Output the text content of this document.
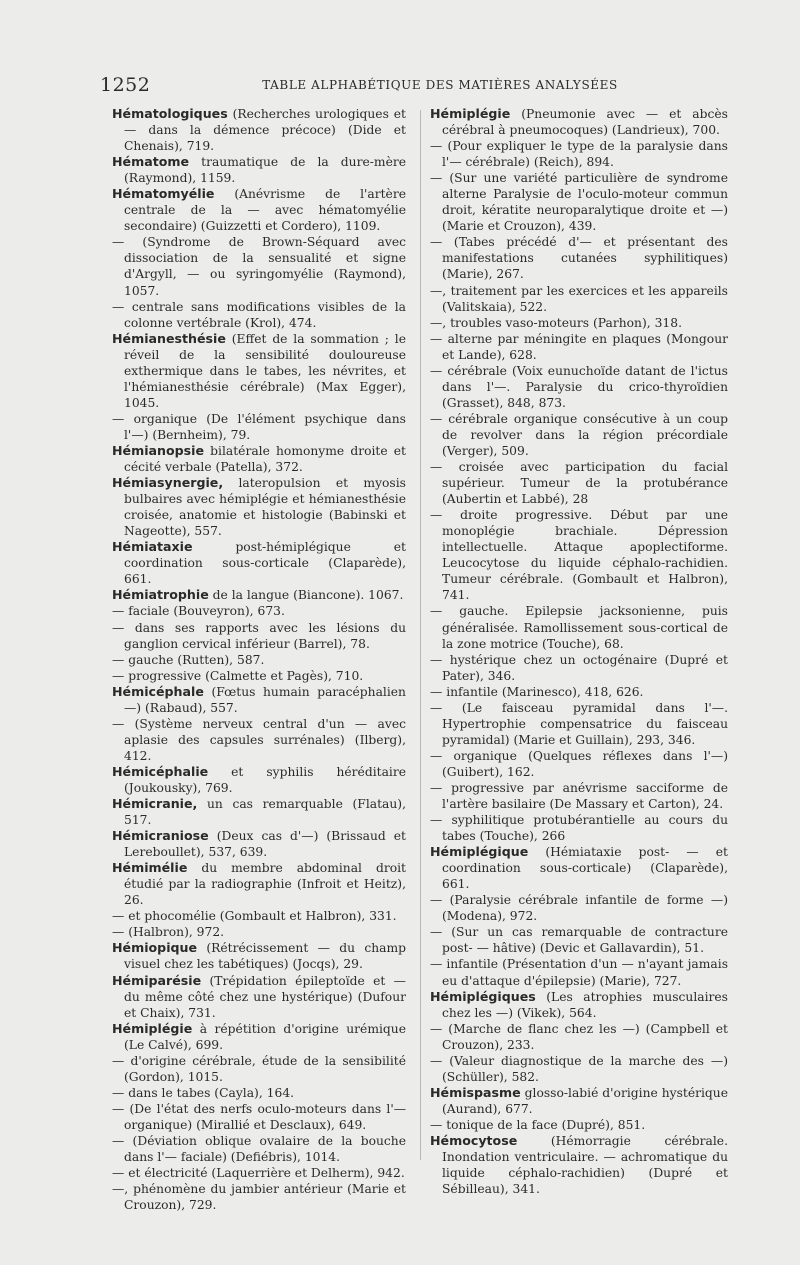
1252	TABLE ALPHABÉTIQUE DES MATIÈRES ANALYSÉES

Hématologiques (Recherches urologiques et — dans la démence précoce) (Dide et Chenais), 719.

Hématome traumatique de la dure-mère (Raymond), 1159.

Hématomyélie (Anévrisme de l'artère centrale de la — avec hématomyélie secondaire) (Guizzetti et Cordero), 1109.

— (Syndrome de Brown-Séquard avec dissociation de la sensualité et signe d'Argyll, — ou syringomyélie (Raymond), 1057.

— centrale sans modifications visibles de la colonne vertébrale (Krol), 474.

Hémianesthésie (Effet de la sommation ; le réveil de la sensibilité douloureuse exthermique dans le tabes, les névrites, et l'hémianesthésie cérébrale) (Max Egger), 1045.

— organique (De l'élément psychique dans l'—) (Bernheim), 79.

Hémianopsie bilatérale homonyme droite et cécité verbale (Patella), 372.

Hémiasynergie, lateropulsion et myosis bulbaires avec hémiplégie et hémianesthésie croisée, anatomie et histologie (Babinski et Nageotte), 557.

Hémiataxie	post-hémiplégique et coordination sous-corticale (Claparède), 661.

Hémiatrophie de la langue (Biancone). 1067.

— faciale (Bouveyron), 673.

— dans ses rapports avec les lésions du ganglion cervical inférieur (Barrel), 78.

— gauche (Rutten), 587.

— progressive (Calmette et Pagès), 710.

Hémicéphale (Fœtus humain paracéphalien —) (Rabaud), 557.

— (Système nerveux central d'un — avec aplasie des capsules surrénales) (Ilberg), 412.

Hémicéphalie et syphilis héréditaire (Joukousky), 769.

Hémicranie, un cas remarquable (Flatau), 517.

Hémicraniose (Deux cas d'—) (Brissaud et Lereboullet), 537, 639.

Hémimélie du membre abdominal droit étudié par la radiographie (Infroit et Heitz), 26.

— et phocomélie (Gombault et Halbron), 331.

— (Halbron), 972.

Hémiopique (Rétrécissement — du champ visuel chez les tabétiques) (Jocqs), 29.

Hémiparésie (Trépidation épileptoïde et — du même côté chez une hystérique) (Dufour et Chaix), 731.

Hémiplégie à répétition d'origine urémique (Le Calvé), 699.

— d'origine cérébrale, étude de la sensibilité (Gordon), 1015.

— dans le tabes (Cayla), 164.

— (De l'état des nerfs oculo-moteurs dans l'— organique) (Mirallié et Desclaux), 649.

— (Déviation oblique ovalaire de la bouche dans l'— faciale) (Defiébris), 1014.

— et électricité (Laquerrière et Delherm), 942.

—, phénomène du jambier antérieur (Marie et Crouzon), 729.

Hémiplégie (Pneumonie avec — et abcès cérébral à pneumocoques) (Landrieux), 700.

— (Pour expliquer le type de la paralysie dans l'— cérébrale) (Reich), 894.

— (Sur une variété particulière de syndrome alterne Paralysie de l'oculo-moteur commun droit, kératite neuroparalytique droite et —) (Marie et Crouzon), 439.

— (Tabes précédé d'— et présentant des manifestations cutanées syphilitiques) (Marie), 267.

—, traitement par les exercices et les appareils (Valitskaia), 522.

—, troubles vaso-moteurs (Parhon), 318.

— alterne par méningite en plaques (Mongour et Lande), 628.

— cérébrale (Voix eunuchoïde datant de l'ictus dans l'—. Paralysie du crico-thyroïdien (Grasset), 848, 873.

— cérébrale organique consécutive à un coup de revolver dans la région précordiale (Verger), 509.

— croisée avec participation du facial supérieur. Tumeur de la protubérance (Aubertin et Labbé), 28

— droite progressive. Début par une monoplégie brachiale. Dépression intellectuelle. Attaque apoplectiforme. Leucocytose du liquide céphalo-rachidien. Tumeur cérébrale. (Gombault et Halbron), 741.

— gauche. Epilepsie jacksonienne, puis généralisée. Ramollissement sous-cortical de la zone motrice (Touche), 68.

— hystérique chez un octogénaire (Dupré et Pater), 346.

— infantile (Marinesco), 418, 626.

— (Le faisceau pyramidal dans l'—. Hypertrophie compensatrice du faisceau pyramidal) (Marie et Guillain), 293, 346.

— organique (Quelques réflexes dans l'—) (Guibert), 162.

— progressive par anévrisme sacciforme de l'artère basilaire (De Massary et Carton), 24.

— syphilitique protubérantielle au cours du tabes (Touche), 266

Hémiplégique (Hémiataxie post- — et coordination sous-corticale) (Claparède), 661.

— (Paralysie cérébrale infantile de forme —) (Modena), 972.

— (Sur un cas remarquable de contracture post- — hâtive) (Devic et Gallavardin), 51.

— infantile (Présentation d'un — n'ayant jamais eu d'attaque d'épilepsie) (Marie), 727.

Hémiplégiques (Les atrophies musculaires chez les —) (Vikek), 564.

— (Marche de flanc chez les —) (Campbell et Crouzon), 233.

— (Valeur diagnostique de la marche des —) (Schüller), 582.

Hémispasme glosso-labié d'origine hystérique (Aurand), 677.

— tonique de la face (Dupré), 851.

Hémocytose	(Hémorragie cérébrale. Inondation ventriculaire. — achromatique du liquide céphalo-rachidien) (Dupré et Sébilleau), 341.
